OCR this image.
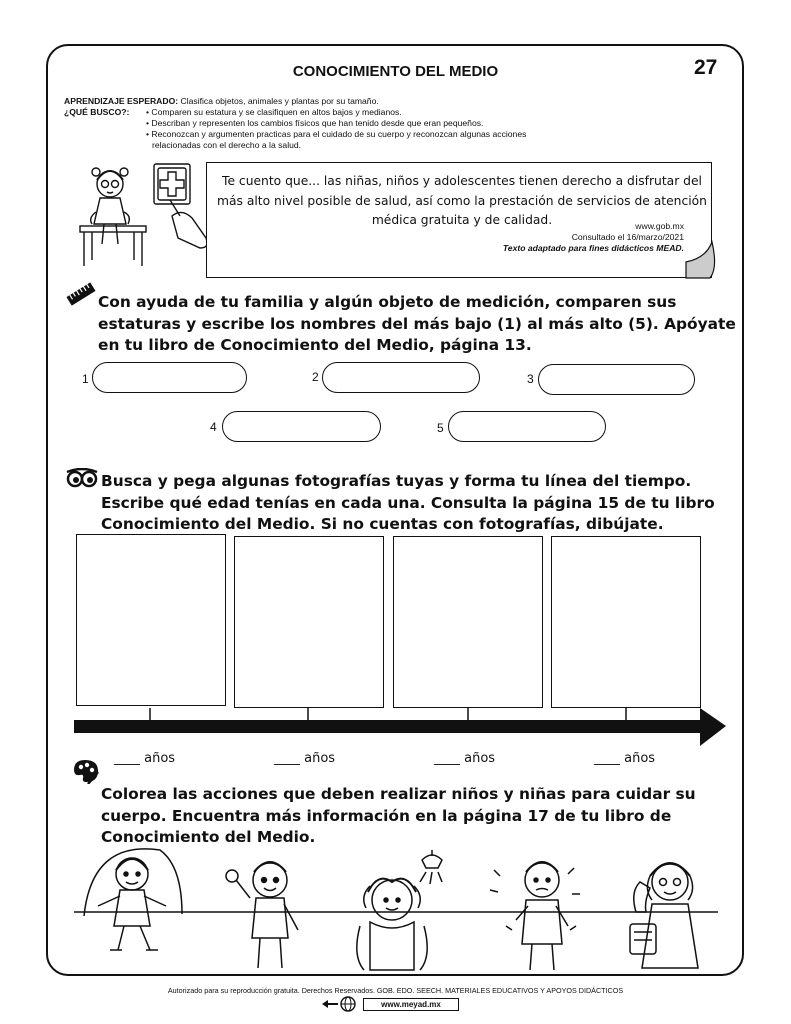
CONOCIMIENTO DEL MEDIO	27
APRENDIZAJE ESPERADO: Clasifica objetos, animales y plantas por su tamaño.
¿QUÉ BUSCO?: • Comparen su estatura y se clasifiquen en altos bajos y medianos.
• Describan y representen los cambios físicos que han tenido desde que eran pequeños.
• Reconozcan y argumenten practicas para el cuidado de su cuerpo y reconozcan algunas acciones
relacionadas con el derecho a la salud.
Te cuento que... las niñas, niños y adolescentes tienen derecho a disfrutar del más alto nivel posible de salud, así como la prestación de servicios de atención médica gratuita y de calidad.	www.gob.mx
Consultado el 16/marzo/2021
Texto adaptado para fines didácticos MEAD.
Con ayuda de tu familia y algún objeto de medición, comparen sus estaturas y escribe los nombres del más bajo (1) al más alto (5). Apóyate en tu libro de Conocimiento del Medio, página 13.
1	2	3
4	5
Busca y pega algunas fotografías tuyas y forma tu línea del tiempo. Escribe qué edad tenías en cada una. Consulta la página 15 de tu libro Conocimiento del Medio. Si no cuentas con fotografías, dibújate.
____ años	____ años	____ años	____ años
Colorea las acciones que deben realizar niños y niñas para cuidar su cuerpo. Encuentra más información en la página 17 de tu libro de Conocimiento del Medio.
Autorizado para su reproducción gratuita. Derechos Reservados. GOB. EDO. SEECH. MATERIALES EDUCATIVOS Y APOYOS DIDÁCTICOS
www.meyad.mx
